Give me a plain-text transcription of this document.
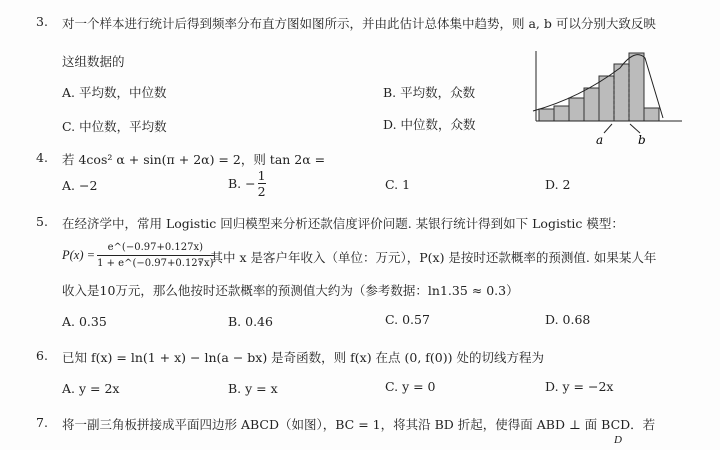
3. 对一个样本进行统计后得到频率分布直方图如图所示，并由此估计总体集中趋势，则 a, b 可以分别大致反映
这组数据的
A. 平均数，中位数	B. 平均数，众数
C. 中位数，平均数	D. 中位数，众数
a	b
4. 若 4cos² α + sin(π + 2α) = 2，则 tan 2α =
A. −2	B. − $\frac{1}{2}$	C. 1	D. 2
5. 在经济学中，常用 Logistic 回归模型来分析还款信度评价问题. 某银行统计得到如下 Logistic 模型：
$P(x) = \frac{e\^{}(-0.97+0.127x)}{1 + e\^{}(-0.97+0.127x)}$
，其中 x 是客户年收入（单位：万元），P(x) 是按时还款概率的预测值. 如果某人年
收入是10万元，那么他按时还款概率的预测值大约为（参考数据：ln1.35 ≈ 0.3）
A. 0.35	B. 0.46	C. 0.57	D. 0.68
6. 已知 f(x) = ln(1 + x) − ln(a − bx) 是奇函数，则 f(x) 在点 (0, f(0)) 处的切线方程为
A. y = 2x	B. y = x	C. y = 0	D. y = −2x
7. 将一副三角板拼接成平面四边形 ABCD（如图），BC = 1，将其沿 BD 折起，使得面 ABD ⊥ 面 BCD．若
D
